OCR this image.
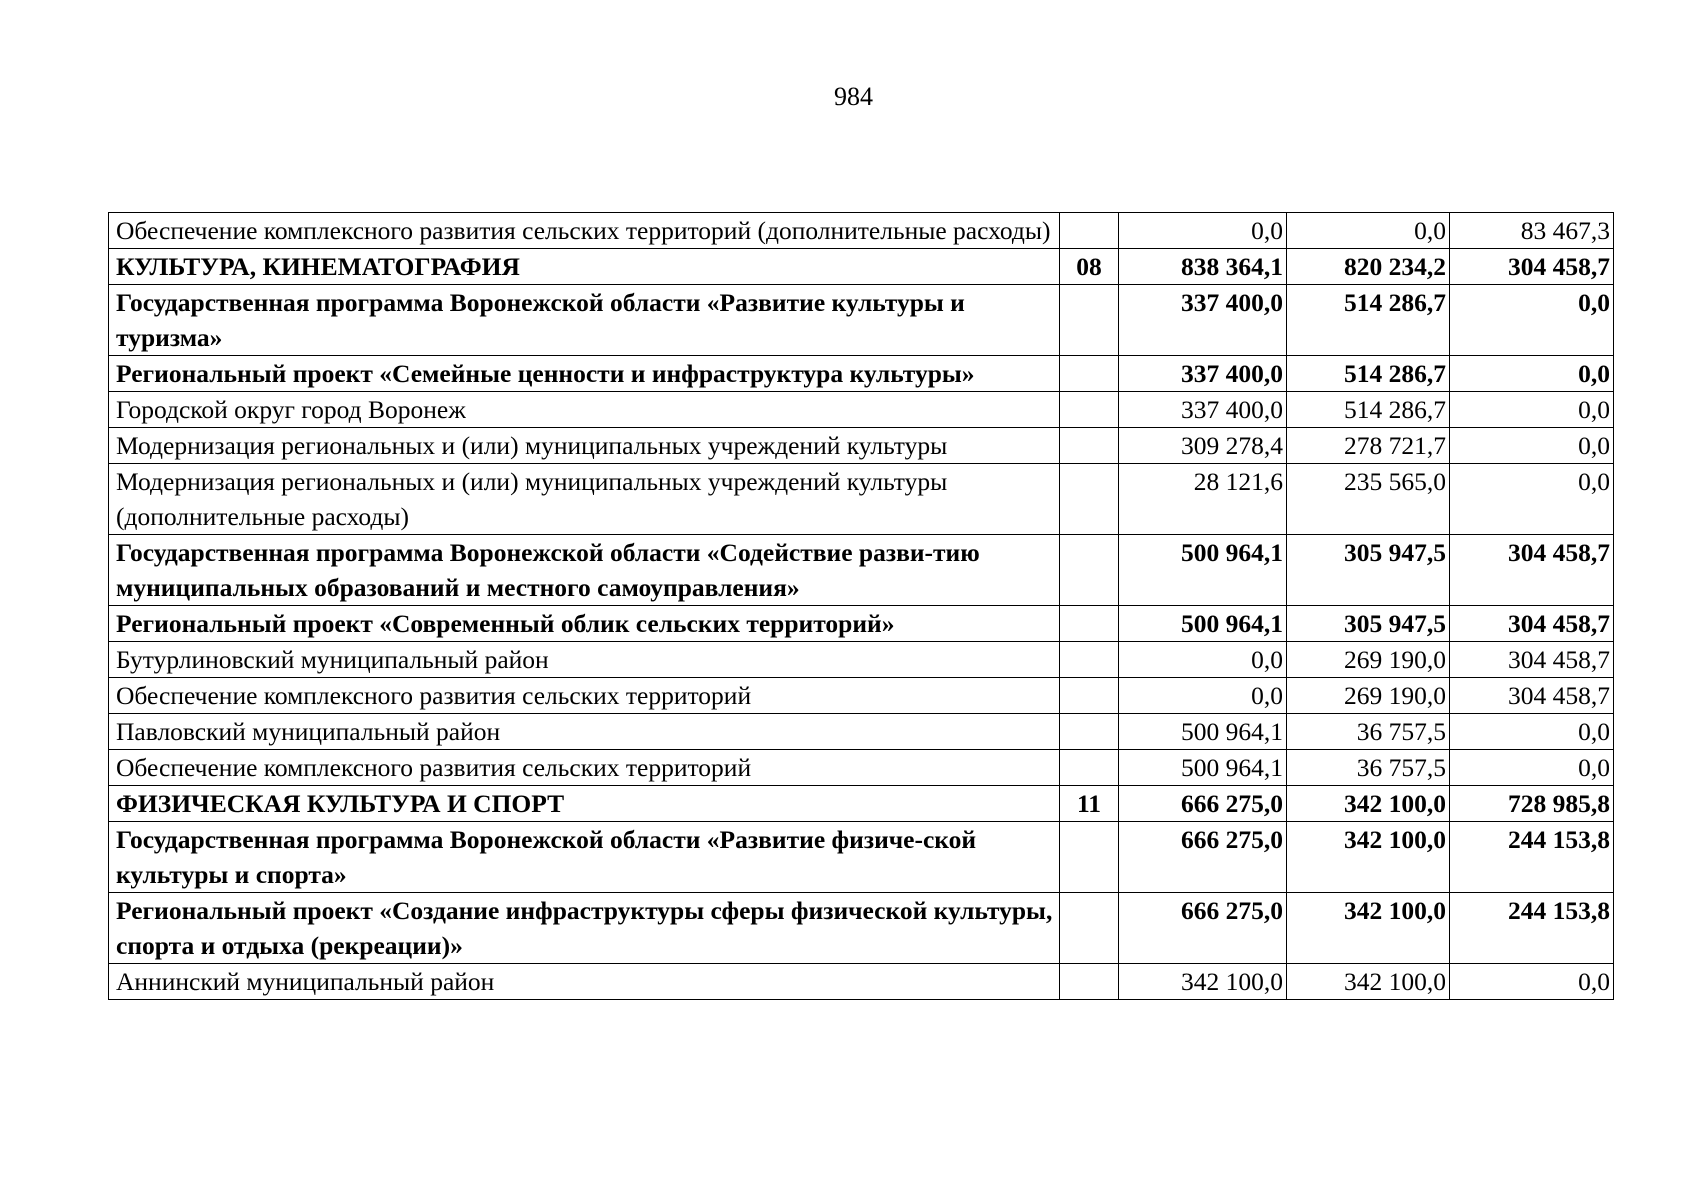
984
Обеспечение комплексного развития сельских территорий (дополнительные расходы)		0,0	0,0	83 467,3
КУЛЬТУРА, КИНЕМАТОГРАФИЯ	08	838 364,1	820 234,2	304 458,7
Государственная программа Воронежской области «Развитие культуры и туризма»		337 400,0	514 286,7	0,0
Региональный проект «Семейные ценности и инфраструктура культуры»		337 400,0	514 286,7	0,0
Городской округ город Воронеж		337 400,0	514 286,7	0,0
Модернизация региональных и (или) муниципальных учреждений культуры		309 278,4	278 721,7	0,0
Модернизация региональных и (или) муниципальных учреждений культуры (дополнительные расходы)		28 121,6	235 565,0	0,0
Государственная программа Воронежской области «Содействие разви-тию муниципальных образований и местного самоуправления»		500 964,1	305 947,5	304 458,7
Региональный проект «Современный облик сельских территорий»		500 964,1	305 947,5	304 458,7
Бутурлиновский муниципальный район		0,0	269 190,0	304 458,7
Обеспечение комплексного развития сельских территорий		0,0	269 190,0	304 458,7
Павловский муниципальный район		500 964,1	36 757,5	0,0
Обеспечение комплексного развития сельских территорий		500 964,1	36 757,5	0,0
ФИЗИЧЕСКАЯ КУЛЬТУРА И СПОРТ	11	666 275,0	342 100,0	728 985,8
Государственная программа Воронежской области «Развитие физиче-ской культуры и спорта»		666 275,0	342 100,0	244 153,8
Региональный проект «Создание инфраструктуры сферы физической культуры, спорта и отдыха (рекреации)»		666 275,0	342 100,0	244 153,8
Аннинский муниципальный район		342 100,0	342 100,0	0,0
